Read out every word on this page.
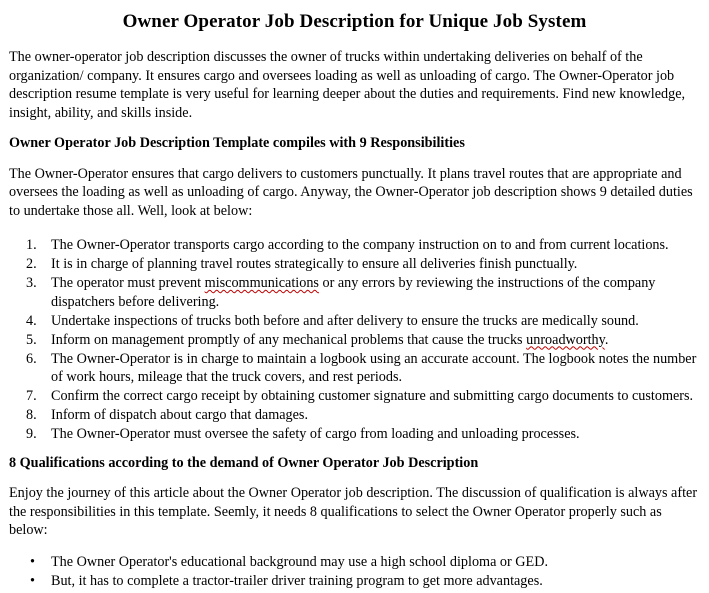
Owner Operator Job Description for Unique Job System

The owner-operator job description discusses the owner of trucks within undertaking deliveries on behalf of the organization/ company. It ensures cargo and oversees loading as well as unloading of cargo. The Owner-Operator job description resume template is very useful for learning deeper about the duties and requirements. Find new knowledge, insight, ability, and skills inside.

Owner Operator Job Description Template compiles with 9 Responsibilities

The Owner-Operator ensures that cargo delivers to customers punctually. It plans travel routes that are appropriate and oversees the loading as well as unloading of cargo. Anyway, the Owner-Operator job description shows 9 detailed duties to undertake those all. Well, look at below:

1.	The Owner-Operator transports cargo according to the company instruction on to and from current locations.
2.	It is in charge of planning travel routes strategically to ensure all deliveries finish punctually.
3.	The operator must prevent miscommunications or any errors by reviewing the instructions of the company dispatchers before delivering.
4.	Undertake inspections of trucks both before and after delivery to ensure the trucks are medically sound.
5.	Inform on management promptly of any mechanical problems that cause the trucks unroadworthy.
6.	The Owner-Operator is in charge to maintain a logbook using an accurate account. The logbook notes the number of work hours, mileage that the truck covers, and rest periods.
7.	Confirm the correct cargo receipt by obtaining customer signature and submitting cargo documents to customers.
8.	Inform of dispatch about cargo that damages.
9.	The Owner-Operator must oversee the safety of cargo from loading and unloading processes.

8 Qualifications according to the demand of Owner Operator Job Description

Enjoy the journey of this article about the Owner Operator job description. The discussion of qualification is always after the responsibilities in this template. Seemly, it needs 8 qualifications to select the Owner Operator properly such as below:

• The Owner Operator's educational background may use a high school diploma or GED.
• But, it has to complete a tractor-trailer driver training program to get more advantages.
